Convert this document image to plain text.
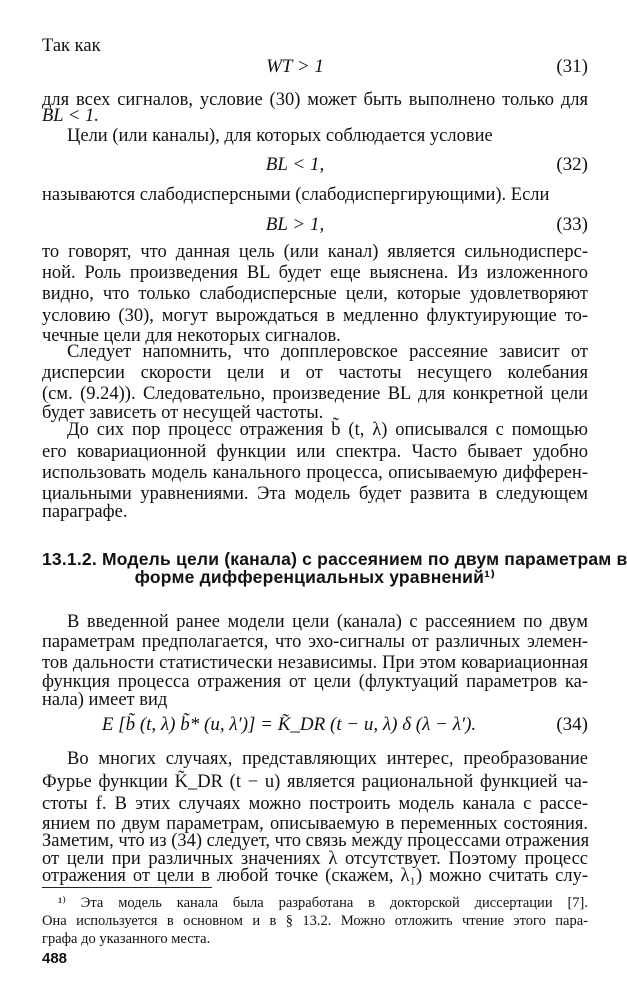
Так как
WT > 1	(31)
для всех сигналов, условие (30) может быть выполнено только для
BL < 1.
Цели (или каналы), для которых соблюдается условие
BL < 1,	(32)
называются слабодисперсными (слабодиспергирующими). Если
BL > 1,	(33)
то говорят, что данная цель (или канал) является сильнодисперс-
ной. Роль произведения BL будет еще выяснена. Из изложенного
видно, что только слабодисперсные цели, которые удовлетворяют
условию (30), могут вырождаться в медленно флуктуирующие то-
чечные цели для некоторых сигналов.
Следует напомнить, что допплеровское рассеяние зависит от
дисперсии скорости цели и от частоты несущего колебания
(см. (9.24)). Следовательно, произведение BL для конкретной цели
будет зависеть от несущей частоты.
До сих пор процесс отражения b̃ (t, λ) описывался с помощью
его ковариационной функции или спектра. Часто бывает удобно
использовать модель канального процесса, описываемую дифферен-
циальными уравнениями. Эта модель будет развита в следующем
параграфе.
13.1.2. Модель цели (канала) с рассеянием по двум параметрам в
форме дифференциальных уравнений¹⁾
В введенной ранее модели цели (канала) с рассеянием по двум
параметрам предполагается, что эхо-сигналы от различных элемен-
тов дальности статистически независимы. При этом ковариационная
функция процесса отражения от цели (флуктуаций параметров ка-
нала) имеет вид
E [b̃ (t, λ) b̃* (u, λ′)] = K̃_DR (t − u, λ) δ (λ − λ′).	(34)
Во многих случаях, представляющих интерес, преобразование
Фурье функции K̃_DR (t − u) является рациональной функцией ча-
стоты f. В этих случаях можно построить модель канала с рассе-
янием по двум параметрам, описываемую в переменных состояния.
Заметим, что из (34) следует, что связь между процессами отражения
от цели при различных значениях λ отсутствует. Поэтому процесс
отражения от цели в любой точке (скажем, λ₁) можно считать слу-
¹⁾ Эта модель канала была разработана в докторской диссертации [7].
Она используется в основном и в § 13.2. Можно отложить чтение этого пара-
графа до указанного места.
488
